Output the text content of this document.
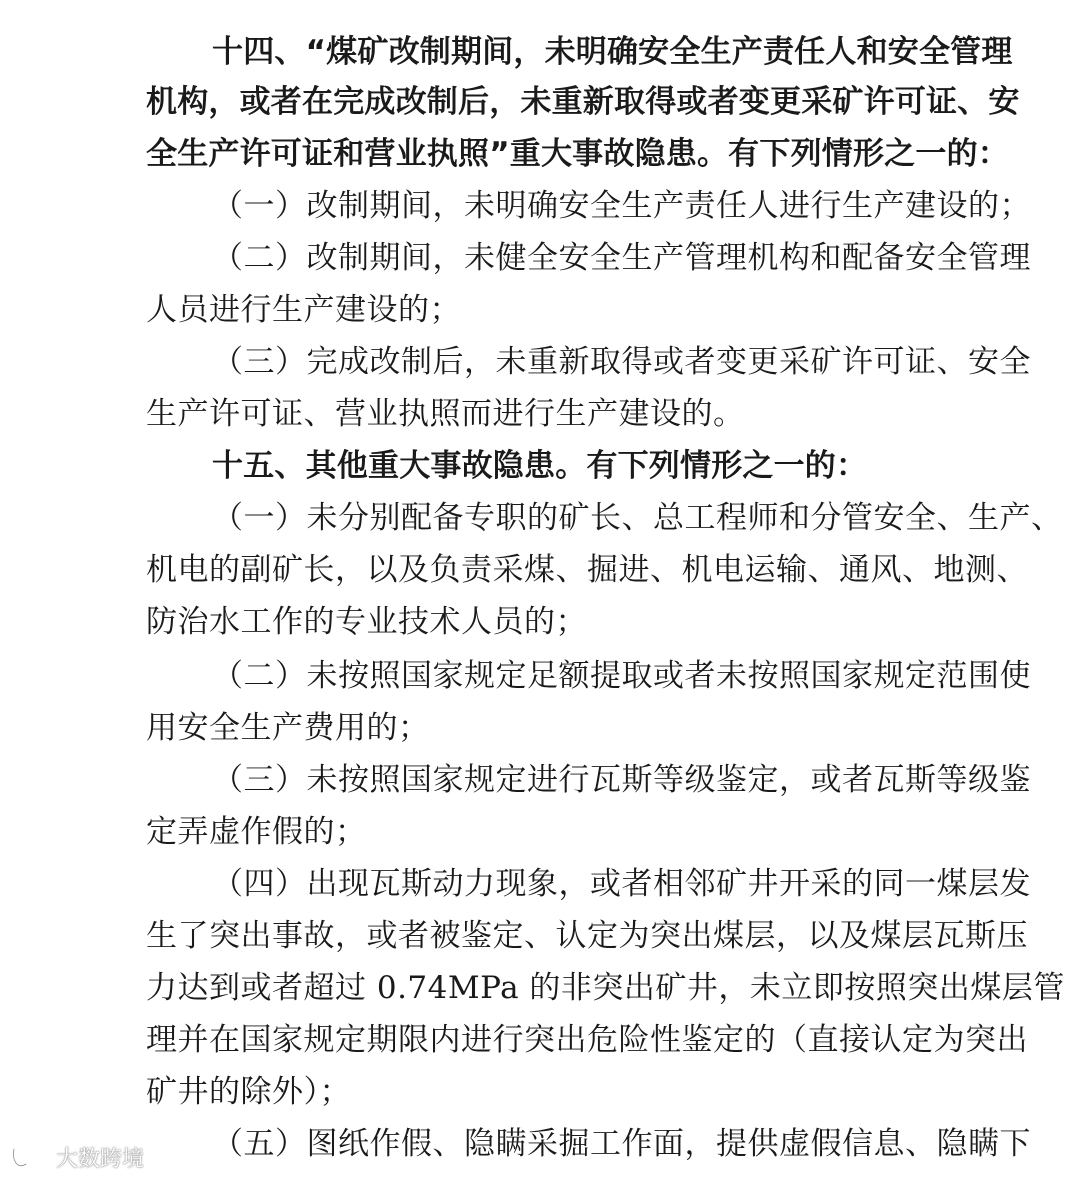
十四、“煤矿改制期间，未明确安全生产责任人和安全管理
机构，或者在完成改制后，未重新取得或者变更采矿许可证、安
全生产许可证和营业执照”重大事故隐患。有下列情形之一的：
（一）改制期间，未明确安全生产责任人进行生产建设的；
（二）改制期间，未健全安全生产管理机构和配备安全管理
人员进行生产建设的；
（三）完成改制后，未重新取得或者变更采矿许可证、安全
生产许可证、营业执照而进行生产建设的。
十五、其他重大事故隐患。有下列情形之一的：
（一）未分别配备专职的矿长、总工程师和分管安全、生产、
机电的副矿长，以及负责采煤、掘进、机电运输、通风、地测、
防治水工作的专业技术人员的；
（二）未按照国家规定足额提取或者未按照国家规定范围使
用安全生产费用的；
（三）未按照国家规定进行瓦斯等级鉴定，或者瓦斯等级鉴
定弄虚作假的；
（四）出现瓦斯动力现象，或者相邻矿井开采的同一煤层发
生了突出事故，或者被鉴定、认定为突出煤层，以及煤层瓦斯压
力达到或者超过 0.74MPa 的非突出矿井，未立即按照突出煤层管
理并在国家规定期限内进行突出危险性鉴定的（直接认定为突出
矿井的除外）；
（五）图纸作假、隐瞒采掘工作面，提供虚假信息、隐瞒下
大数跨境
